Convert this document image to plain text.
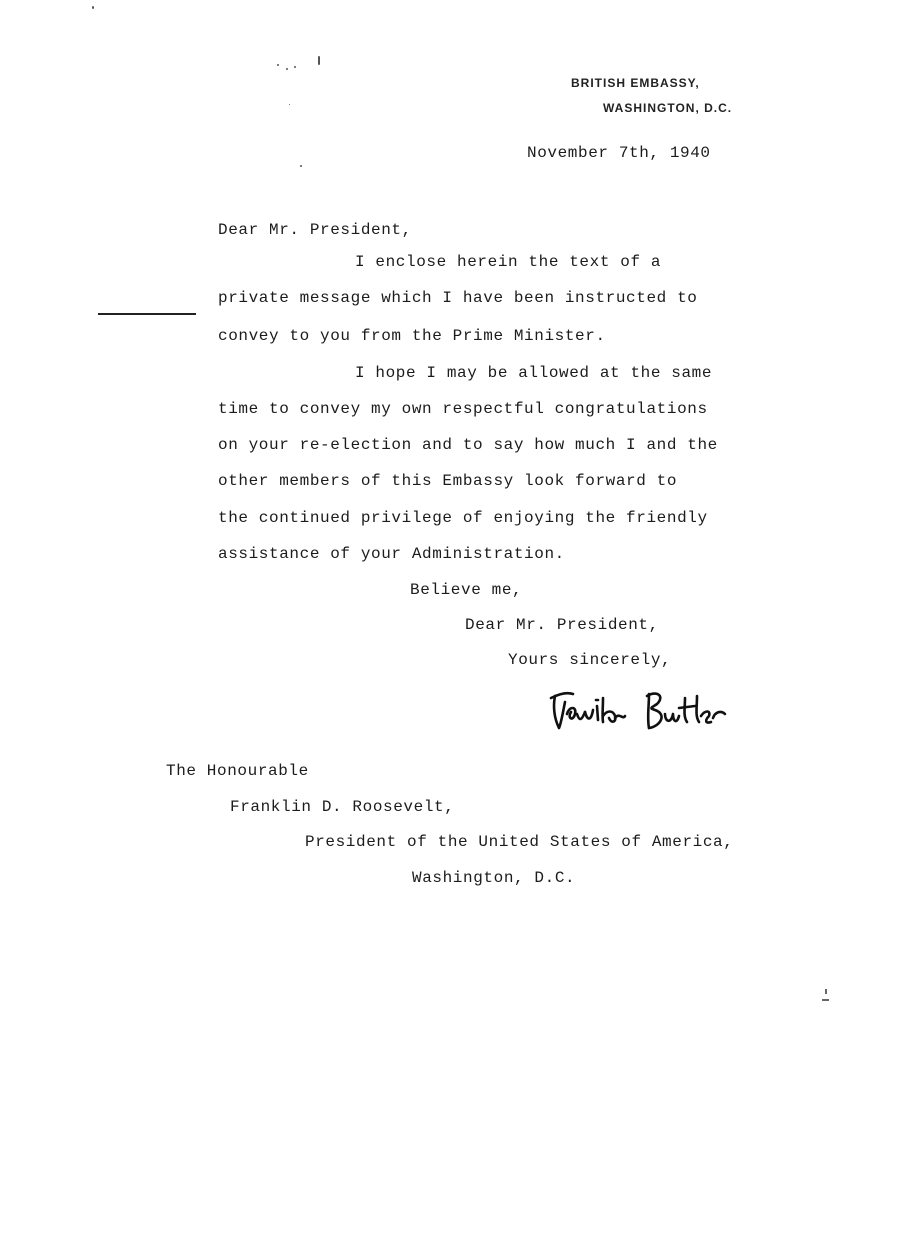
BRITISH EMBASSY,
WASHINGTON, D.C.
November 7th, 1940
Dear Mr. President,
I enclose herein the text of a
private message which I have been instructed to
convey to you from the Prime Minister.
I hope I may be allowed at the same
time to convey my own respectful congratulations
on your re-election and to say how much I and the
other members of this Embassy look forward to
the continued privilege of enjoying the friendly
assistance of your Administration.
Believe me,
Dear Mr. President,
Yours sincerely,
The Honourable
Franklin D. Roosevelt,
President of the United States of America,
Washington, D.C.
